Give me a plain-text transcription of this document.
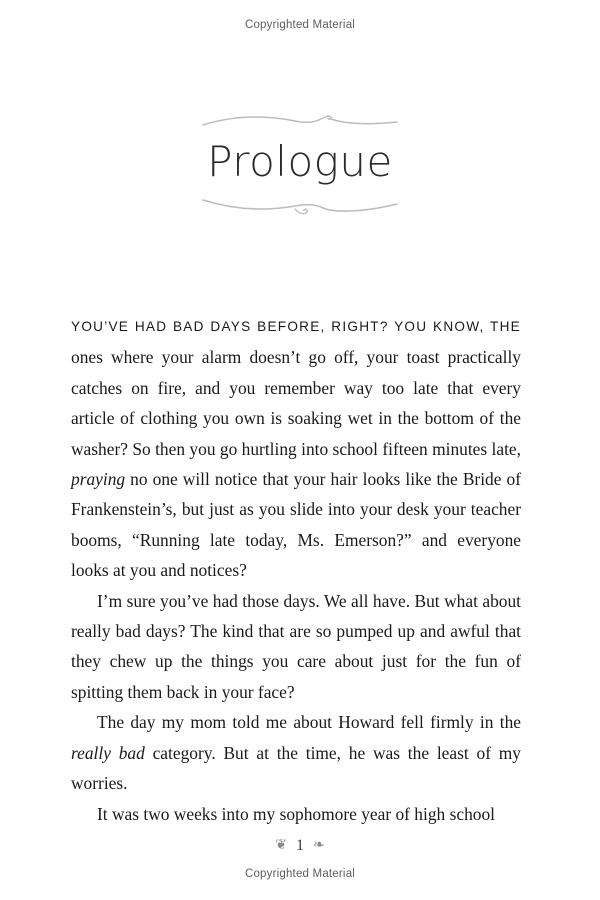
Copyrighted Material
Prologue

YOU’VE HAD BAD DAYS BEFORE, RIGHT? YOU KNOW, THE ones where your alarm doesn’t go off, your toast practically catches on fire, and you remember way too late that every article of clothing you own is soaking wet in the bottom of the washer? So then you go hurtling into school fifteen minutes late, praying no one will notice that your hair looks like the Bride of Frankenstein’s, but just as you slide into your desk your teacher booms, “Running late today, Ms. Emerson?” and everyone looks at you and notices?

I’m sure you’ve had those days. We all have. But what about really bad days? The kind that are so pumped up and awful that they chew up the things you care about just for the fun of spitting them back in your face?

The day my mom told me about Howard fell firmly in the really bad category. But at the time, he was the least of my worries.

It was two weeks into my sophomore year of high school

❦ 1 ❧
Copyrighted Material
